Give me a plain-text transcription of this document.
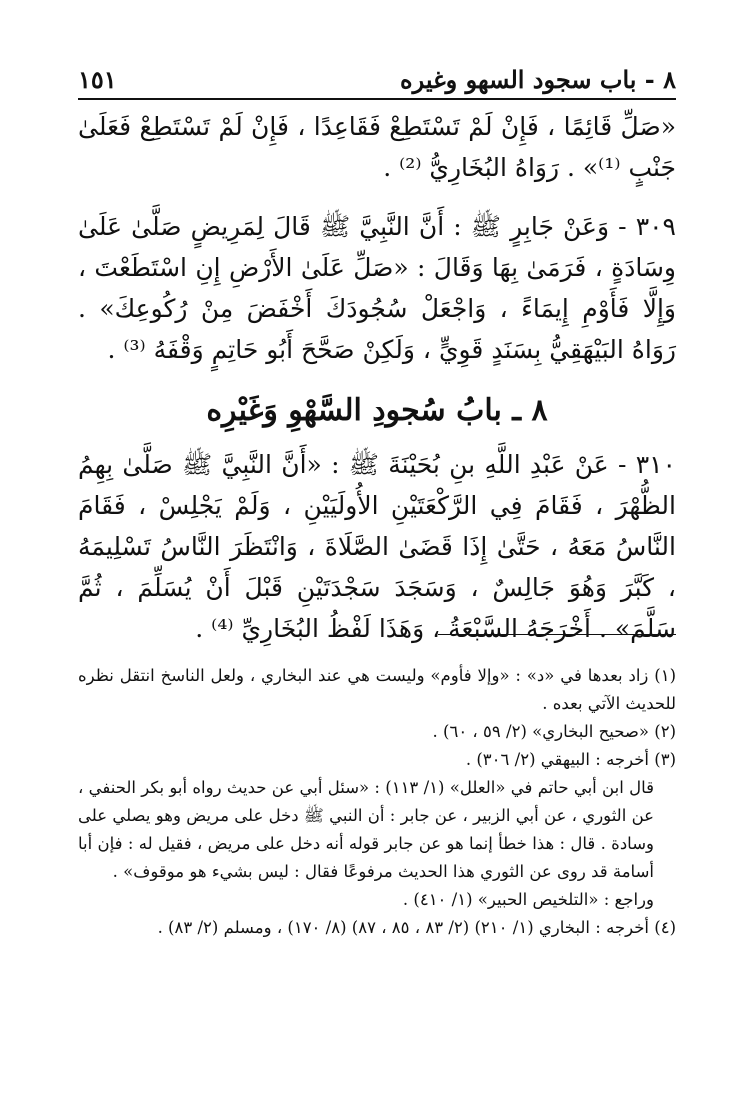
١٥١	٨ - باب سجود السهو وغيره

«صَلِّ قَائِمًا ، فَإِنْ لَمْ تَسْتَطِعْ فَقَاعِدًا ، فَإِنْ لَمْ تَسْتَطِعْ فَعَلَىٰ جَنْبٍ ⁽¹⁾» . رَوَاهُ البُخَارِيُّ ⁽²⁾ .

٣٠٩ - وَعَنْ جَابِرٍ ﷺ : أَنَّ النَّبِيَّ ﷺ قَالَ لِمَرِيضٍ صَلَّىٰ عَلَىٰ وِسَادَةٍ ، فَرَمَىٰ بِهَا وَقَالَ : «صَلِّ عَلَىٰ الأَرْضِ إِنِ اسْتَطَعْتَ ، وَإِلَّا فَأَوْمِ إِيمَاءً ، وَاجْعَلْ سُجُودَكَ أَخْفَضَ مِنْ رُكُوعِكَ» . رَوَاهُ البَيْهَقِيُّ بِسَنَدٍ قَوِيٍّ ، وَلَكِنْ صَحَّحَ أَبُو حَاتِمٍ وَقْفَهُ ⁽³⁾ .

٨ ـ بابُ سُجودِ السَّهْوِ وَغَيْرِه

٣١٠ - عَنْ عَبْدِ اللَّهِ بنِ بُحَيْنَةَ ﷺ : «أَنَّ النَّبِيَّ ﷺ صَلَّىٰ بِهِمُ الظُّهْرَ ، فَقَامَ فِي الرَّكْعَتَيْنِ الأُولَيَيْنِ ، وَلَمْ يَجْلِسْ ، فَقَامَ النَّاسُ مَعَهُ ، حَتَّىٰ إِذَا قَضَىٰ الصَّلَاةَ ، وَانْتَظَرَ النَّاسُ تَسْلِيمَهُ ، كَبَّرَ وَهُوَ جَالِسٌ ، وَسَجَدَ سَجْدَتَيْنِ قَبْلَ أَنْ يُسَلِّمَ ، ثُمَّ سَلَّمَ» . أَخْرَجَهُ السَّبْعَةُ ، وَهَذَا لَفْظُ البُخَارِيِّ ⁽⁴⁾ .

(١) زاد بعدها في «د» : «وإلا فأوم» وليست هي عند البخاري ، ولعل الناسخ انتقل نظره للحديث الآتي بعده .

(٢) «صحيح البخاري» (٢/ ٥٩ ، ٦٠) .

(٣) أخرجه : البيهقي (٢/ ٣٠٦) .

قال ابن أبي حاتم في «العلل» (١/ ١١٣) : «سئل أبي عن حديث رواه أبو بكر الحنفي ، عن الثوري ، عن أبي الزبير ، عن جابر : أن النبي ﷺ دخل على مريض وهو يصلي على وسادة . قال : هذا خطأ إنما هو عن جابر قوله أنه دخل على مريض ، فقيل له : فإن أبا أسامة قد روى عن الثوري هذا الحديث مرفوعًا فقال : ليس بشيء هو موقوف» .

وراجع : «التلخيص الحبير» (١/ ٤١٠) .

(٤) أخرجه : البخاري (١/ ٢١٠) (٢/ ٨٣ ، ٨٥ ، ٨٧) (٨/ ١٧٠) ، ومسلم (٢/ ٨٣) .
